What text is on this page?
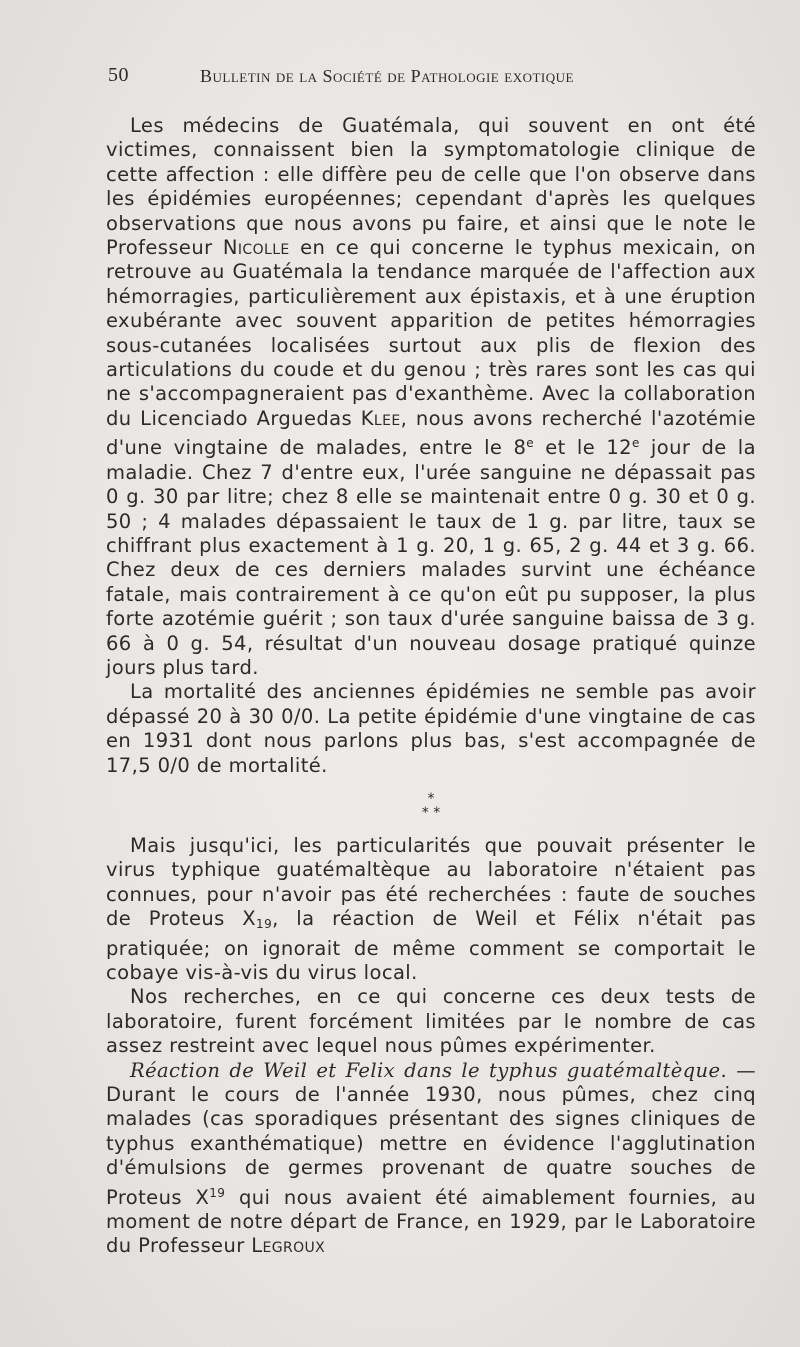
50	Bulletin de la Société de Pathologie exotique

Les médecins de Guatémala, qui souvent en ont été victimes, connaissent bien la symptomatologie clinique de cette affection : elle diffère peu de celle que l'on observe dans les épidémies européennes; cependant d'après les quelques observations que nous avons pu faire, et ainsi que le note le Professeur Nicolle en ce qui concerne le typhus mexicain, on retrouve au Guatémala la tendance marquée de l'affection aux hémorragies, particulièrement aux épistaxis, et à une éruption exubérante avec souvent apparition de petites hémorragies sous-cutanées localisées surtout aux plis de flexion des articulations du coude et du genou ; très rares sont les cas qui ne s'accompagneraient pas d'exanthème. Avec la collaboration du Licenciado Arguedas Klee, nous avons recherché l'azotémie d'une vingtaine de malades, entre le 8e et le 12e jour de la maladie. Chez 7 d'entre eux, l'urée sanguine ne dépassait pas 0 g. 30 par litre; chez 8 elle se maintenait entre 0 g. 30 et 0 g. 50 ; 4 malades dépassaient le taux de 1 g. par litre, taux se chiffrant plus exactement à 1 g. 20, 1 g. 65, 2 g. 44 et 3 g. 66. Chez deux de ces derniers malades survint une échéance fatale, mais contrairement à ce qu'on eût pu supposer, la plus forte azotémie guérit ; son taux d'urée sanguine baissa de 3 g. 66 à 0 g. 54, résultat d'un nouveau dosage pratiqué quinze jours plus tard.

La mortalité des anciennes épidémies ne semble pas avoir dépassé 20 à 30 0/0. La petite épidémie d'une vingtaine de cas en 1931 dont nous parlons plus bas, s'est accompagnée de 17,5 0/0 de mortalité.

*
* *

Mais jusqu'ici, les particularités que pouvait présenter le virus typhique guatémaltèque au laboratoire n'étaient pas connues, pour n'avoir pas été recherchées : faute de souches de Proteus $X_{19}$, la réaction de Weil et Félix n'était pas pratiquée; on ignorait de même comment se comportait le cobaye vis-à-vis du virus local.

Nos recherches, en ce qui concerne ces deux tests de laboratoire, furent forcément limitées par le nombre de cas assez restreint avec lequel nous pûmes expérimenter.

Réaction de Weil et Felix dans le typhus guatémaltèque. — Durant le cours de l'année 1930, nous pûmes, chez cinq malades (cas sporadiques présentant des signes cliniques de typhus exanthématique) mettre en évidence l'agglutination d'émulsions de germes provenant de quatre souches de Proteus $X^{19}$ qui nous avaient été aimablement fournies, au moment de notre départ de France, en 1929, par le Laboratoire du Professeur Legroux
